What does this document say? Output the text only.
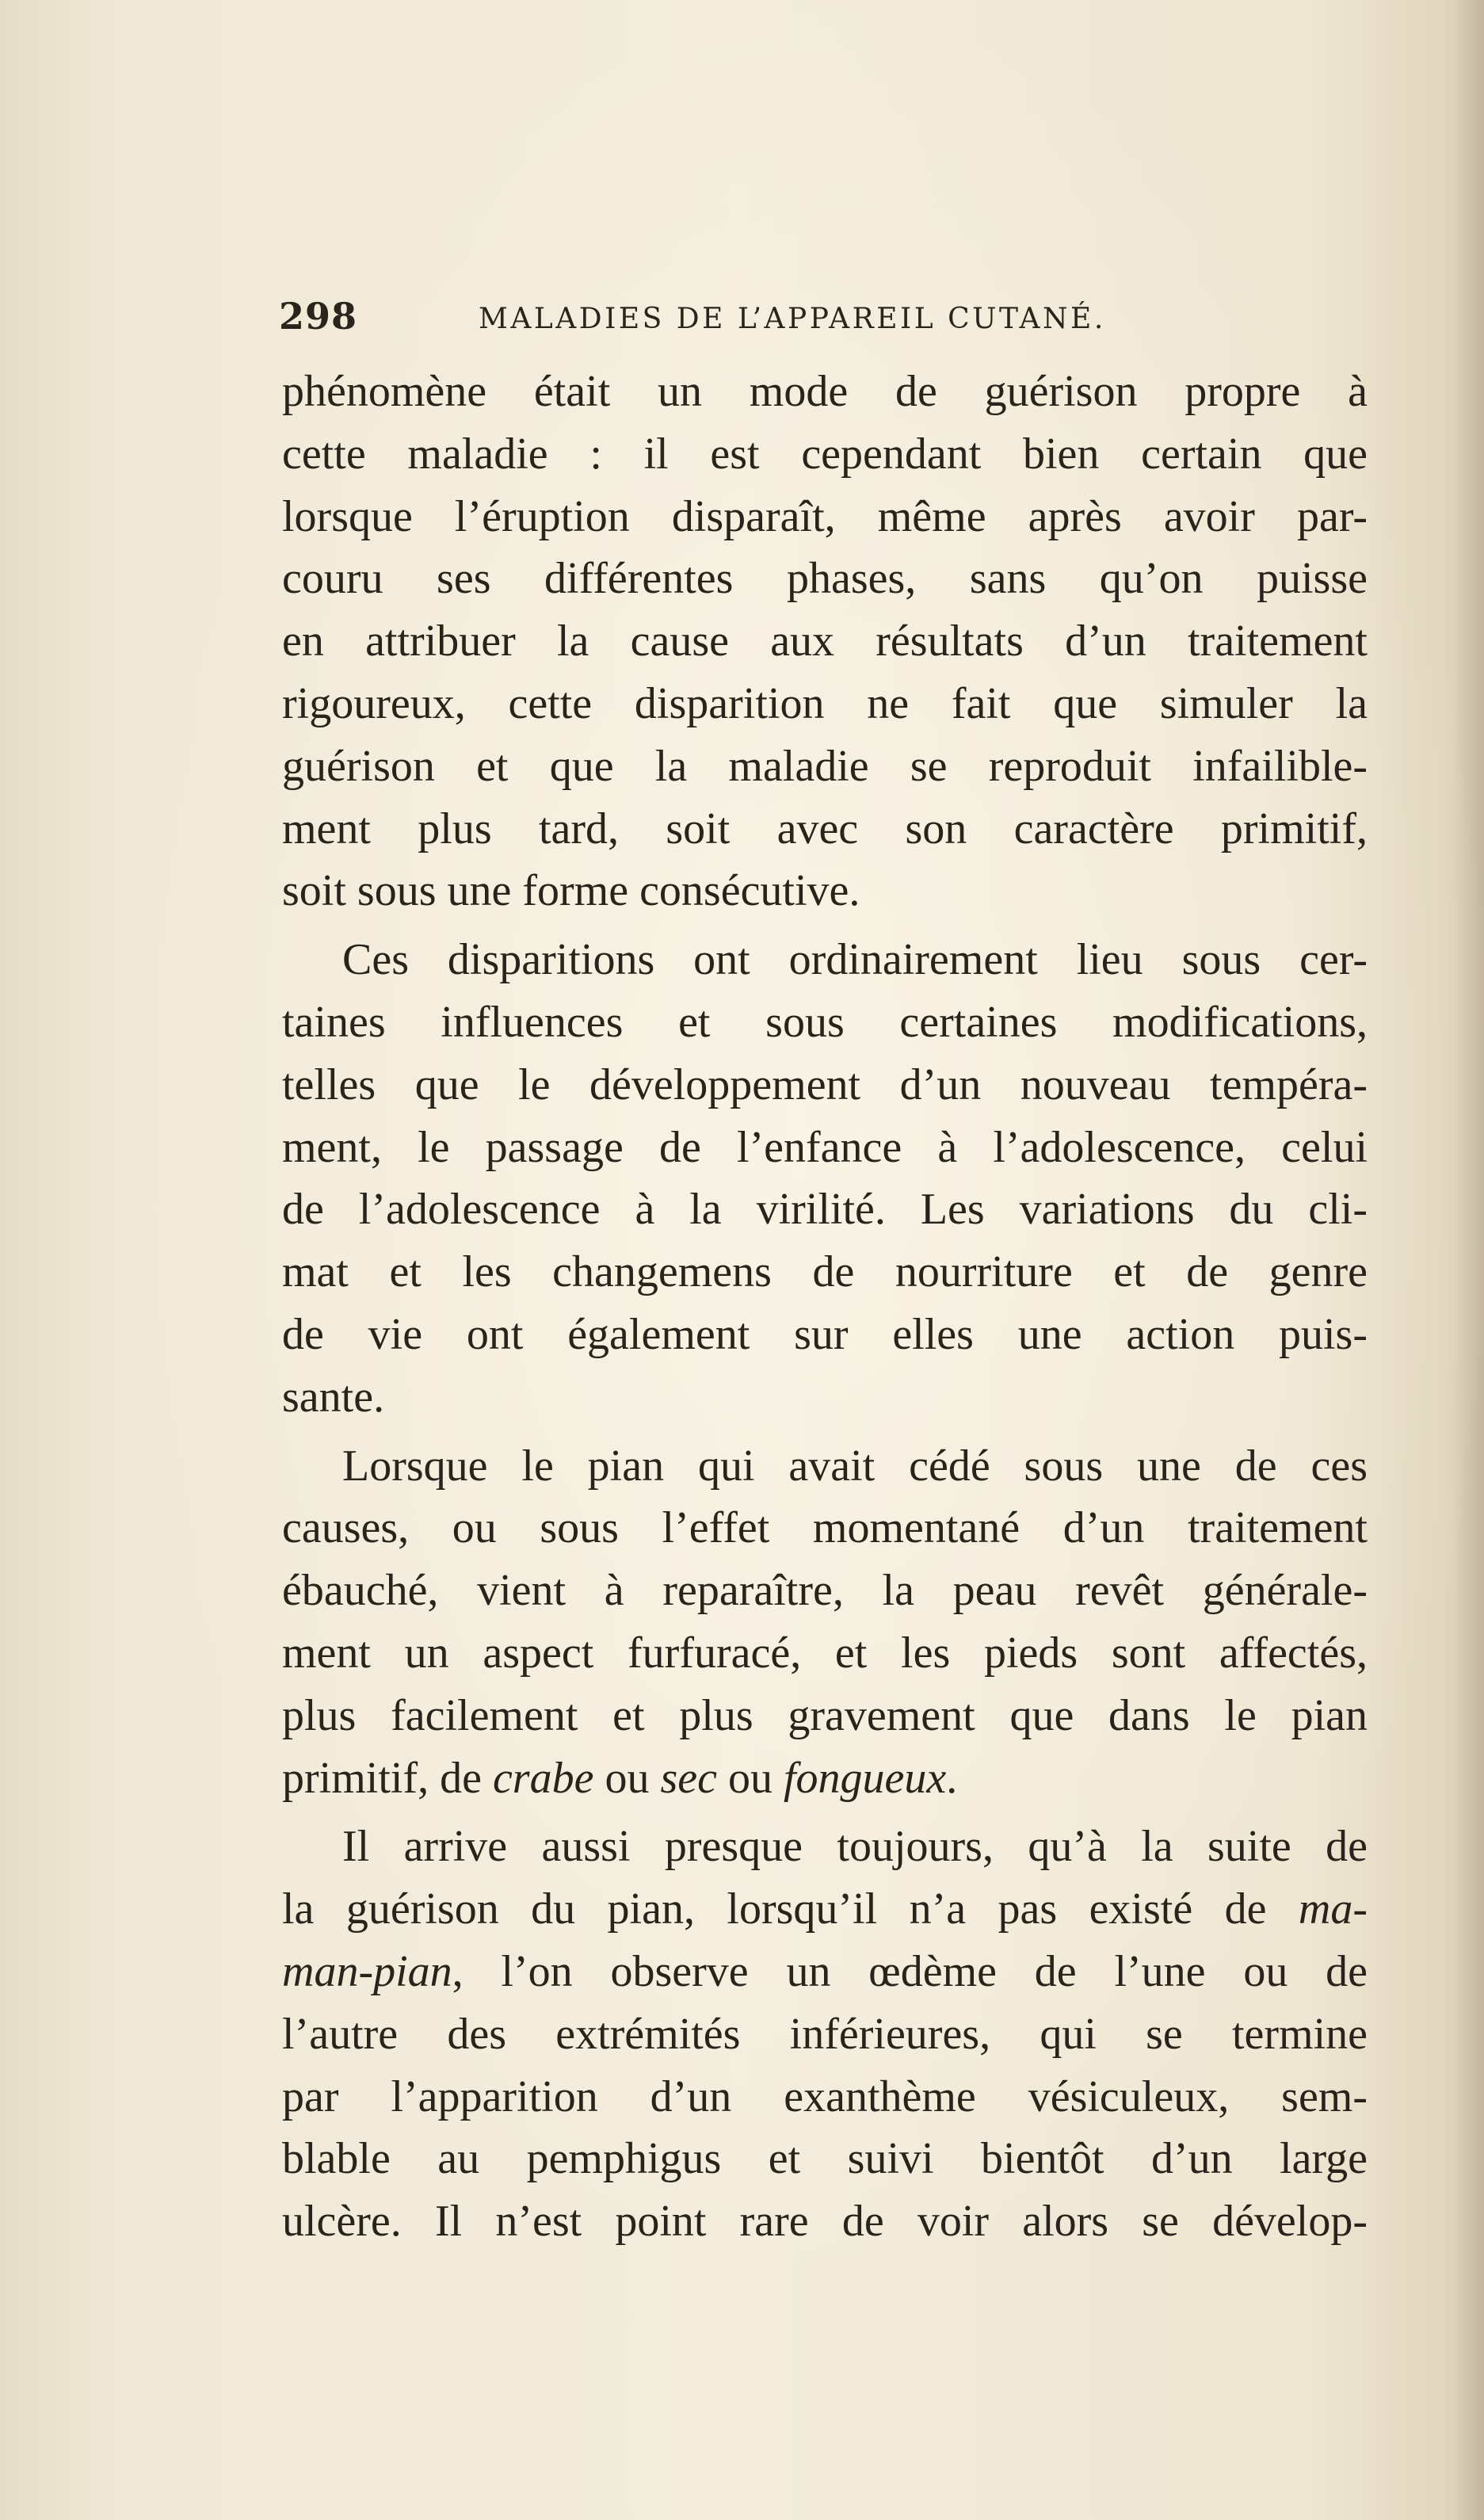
298	MALADIES DE L’APPAREIL CUTANÉ.
phénomène était un mode de guérison propre à
cette maladie : il est cependant bien certain que
lorsque l’éruption disparaît, même après avoir par-
couru ses différentes phases, sans qu’on puisse
en attribuer la cause aux résultats d’un traitement
rigoureux, cette disparition ne fait que simuler la
guérison et que la maladie se reproduit infailible-
ment plus tard, soit avec son caractère primitif,
soit sous une forme consécutive.
Ces disparitions ont ordinairement lieu sous cer-
taines influences et sous certaines modifications,
telles que le développement d’un nouveau tempéra-
ment, le passage de l’enfance à l’adolescence, celui
de l’adolescence à la virilité. Les variations du cli-
mat et les changemens de nourriture et de genre
de vie ont également sur elles une action puis-
sante.
Lorsque le pian qui avait cédé sous une de ces
causes, ou sous l’effet momentané d’un traitement
ébauché, vient à reparaître, la peau revêt générale-
ment un aspect furfuracé, et les pieds sont affectés,
plus facilement et plus gravement que dans le pian
primitif, de crabe ou sec ou fongueux.
Il arrive aussi presque toujours, qu’à la suite de
la guérison du pian, lorsqu’il n’a pas existé de ma-
man-pian, l’on observe un œdème de l’une ou de
l’autre des extrémités inférieures, qui se termine
par l’apparition d’un exanthème vésiculeux, sem-
blable au pemphigus et suivi bientôt d’un large
ulcère. Il n’est point rare de voir alors se dévelop-
